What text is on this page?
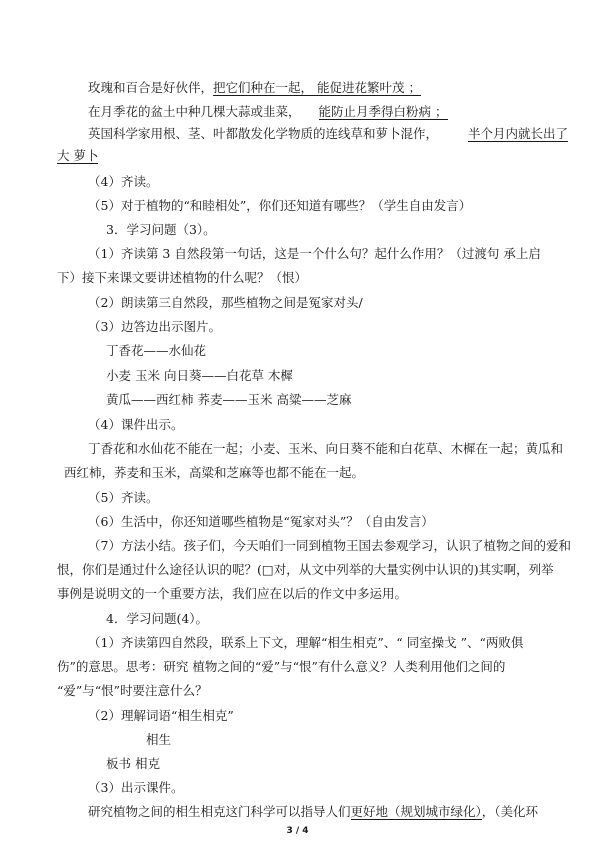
玫瑰和百合是好伙伴，把它们种在一起， 能促进花繁叶茂 ；
在月季花的盆土中种几棵大蒜或韭菜， 能防止月季得白粉病 ；
英国科学家用根、茎、叶都散发化学物质的连线草和萝卜混作， 半个月内就长出了
大 萝卜
（4）齐读。
（5）对于植物的“和睦相处”，你们还知道有哪些？（学生自由发言）
3．学习问题（3）。
（1）齐读第 3 自然段第一句话，这是一个什么句？起什么作用？（过渡句 承上启
下）接下来课文要讲述植物的什么呢？（恨）
（2）朗读第三自然段，那些植物之间是冤家对头/
（3）边答边出示图片。
丁香花——水仙花
小麦 玉米 向日葵——白花草 木樨
黄瓜——西红柿 荞麦——玉米 高粱——芝麻
（4）课件出示。
丁香花和水仙花不能在一起；小麦、玉米、向日葵不能和白花草、木樨在一起；黄瓜和
西红柿，荞麦和玉米，高粱和芝麻等也都不能在一起。
（5）齐读。
（6）生活中，你还知道哪些植物是“冤家对头”？（自由发言）
（7）方法小结。孩子们，今天咱们一同到植物王国去参观学习，认识了植物之间的爱和
恨，你们是通过什么途径认识的呢？(□对，从文中列举的大量实例中认识的)其实啊，列举
事例是说明文的一个重要方法，我们应在以后的作文中多运用。
4．学习问题(4）。
（1）齐读第四自然段，联系上下文，理解“相生相克”、“ 同室操戈 ”、“两败俱
伤”的意思。思考：研究 植物之间的“爱”与“恨”有什么意义？人类利用他们之间的
“爱”与“恨”时要注意什么？
（2）理解词语“相生相克”
相生
板书 相克
（3）出示课件。
研究植物之间的相生相克这门科学可以指导人们更好地（规划城市绿化），（美化环
3 / 4
